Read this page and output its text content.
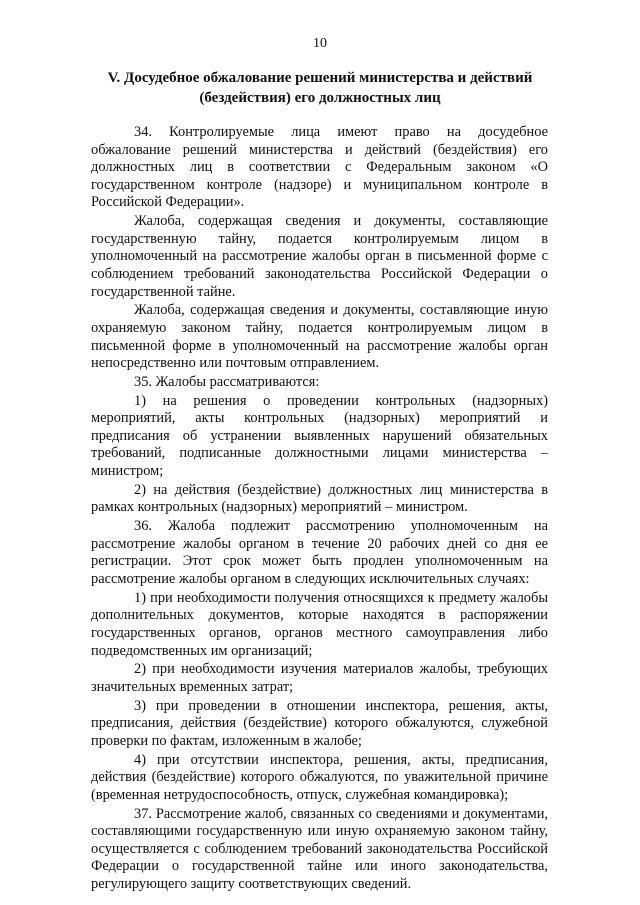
10
V. Досудебное обжалование решений министерства и действий (бездействия) его должностных лиц

34. Контролируемые лица имеют право на досудебное обжалование решений министерства и действий (бездействия) его должностных лиц в соответствии с Федеральным законом «О государственном контроле (надзоре) и муниципальном контроле в Российской Федерации».

Жалоба, содержащая сведения и документы, составляющие государственную тайну, подается контролируемым лицом в уполномоченный на рассмотрение жалобы орган в письменной форме с соблюдением требований законодательства Российской Федерации о государственной тайне.

Жалоба, содержащая сведения и документы, составляющие иную охраняемую законом тайну, подается контролируемым лицом в письменной форме в уполномоченный на рассмотрение жалобы орган непосредственно или почтовым отправлением.

35. Жалобы рассматриваются:

1) на решения о проведении контрольных (надзорных) мероприятий, акты контрольных (надзорных) мероприятий и предписания об устранении выявленных нарушений обязательных требований, подписанные должностными лицами министерства – министром;

2) на действия (бездействие) должностных лиц министерства в рамках контрольных (надзорных) мероприятий – министром.

36. Жалоба подлежит рассмотрению уполномоченным на рассмотрение жалобы органом в течение 20 рабочих дней со дня ее регистрации. Этот срок может быть продлен уполномоченным на рассмотрение жалобы органом в следующих исключительных случаях:

1) при необходимости получения относящихся к предмету жалобы дополнительных документов, которые находятся в распоряжении государственных органов, органов местного самоуправления либо подведомственных им организаций;

2) при необходимости изучения материалов жалобы, требующих значительных временных затрат;

3) при проведении в отношении инспектора, решения, акты, предписания, действия (бездействие) которого обжалуются, служебной проверки по фактам, изложенным в жалобе;

4) при отсутствии инспектора, решения, акты, предписания, действия (бездействие) которого обжалуются, по уважительной причине (временная нетрудоспособность, отпуск, служебная командировка);

37. Рассмотрение жалоб, связанных со сведениями и документами, составляющими государственную или иную охраняемую законом тайну, осуществляется с соблюдением требований законодательства Российской Федерации о государственной тайне или иного законодательства, регулирующего защиту соответствующих сведений.
